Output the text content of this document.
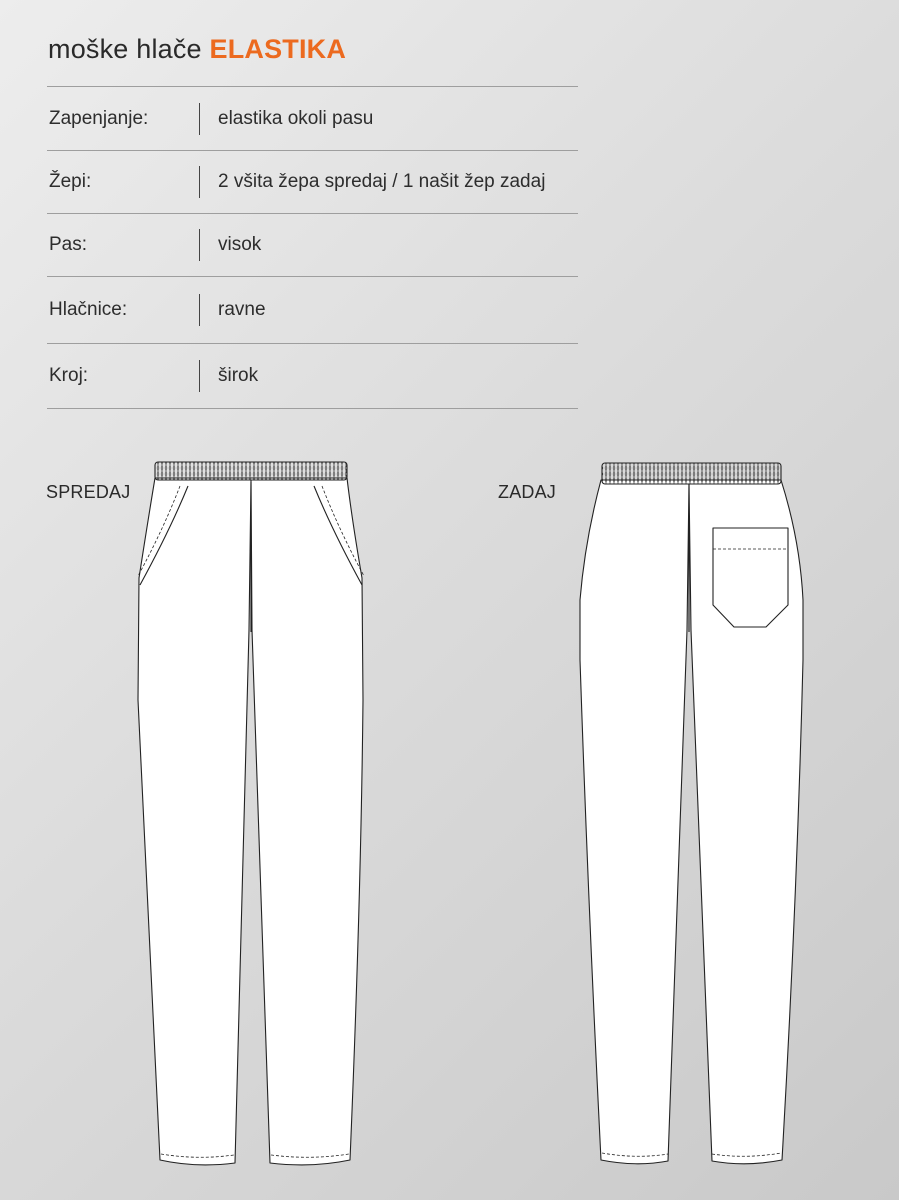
moške hlače ELASTIKA
Zapenjanje:	elastika okoli pasu
Žepi:	2 všita žepa spredaj / 1 našit žep zadaj
Pas:	visok
Hlačnice:	ravne
Kroj:	širok
SPREDAJ	ZADAJ
